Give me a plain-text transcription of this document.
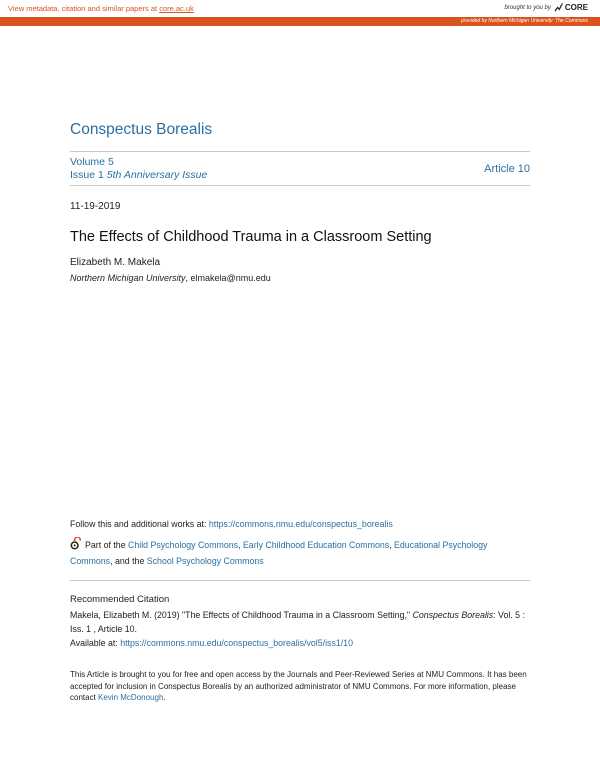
View metadata, citation and similar papers at core.ac.uk	brought to you by CORE
provided by Northern Michigan University: The Commons
Conspectus Borealis
Volume 5
Issue 1 5th Anniversary Issue	Article 10
11-19-2019
The Effects of Childhood Trauma in a Classroom Setting
Elizabeth M. Makela
Northern Michigan University, elmakela@nmu.edu
Follow this and additional works at: https://commons.nmu.edu/conspectus_borealis
Part of the Child Psychology Commons, Early Childhood Education Commons, Educational Psychology Commons, and the School Psychology Commons
Recommended Citation
Makela, Elizabeth M. (2019) "The Effects of Childhood Trauma in a Classroom Setting," Conspectus Borealis: Vol. 5 : Iss. 1 , Article 10.
Available at: https://commons.nmu.edu/conspectus_borealis/vol5/iss1/10
This Article is brought to you for free and open access by the Journals and Peer-Reviewed Series at NMU Commons. It has been accepted for inclusion in Conspectus Borealis by an authorized administrator of NMU Commons. For more information, please contact Kevin McDonough.
